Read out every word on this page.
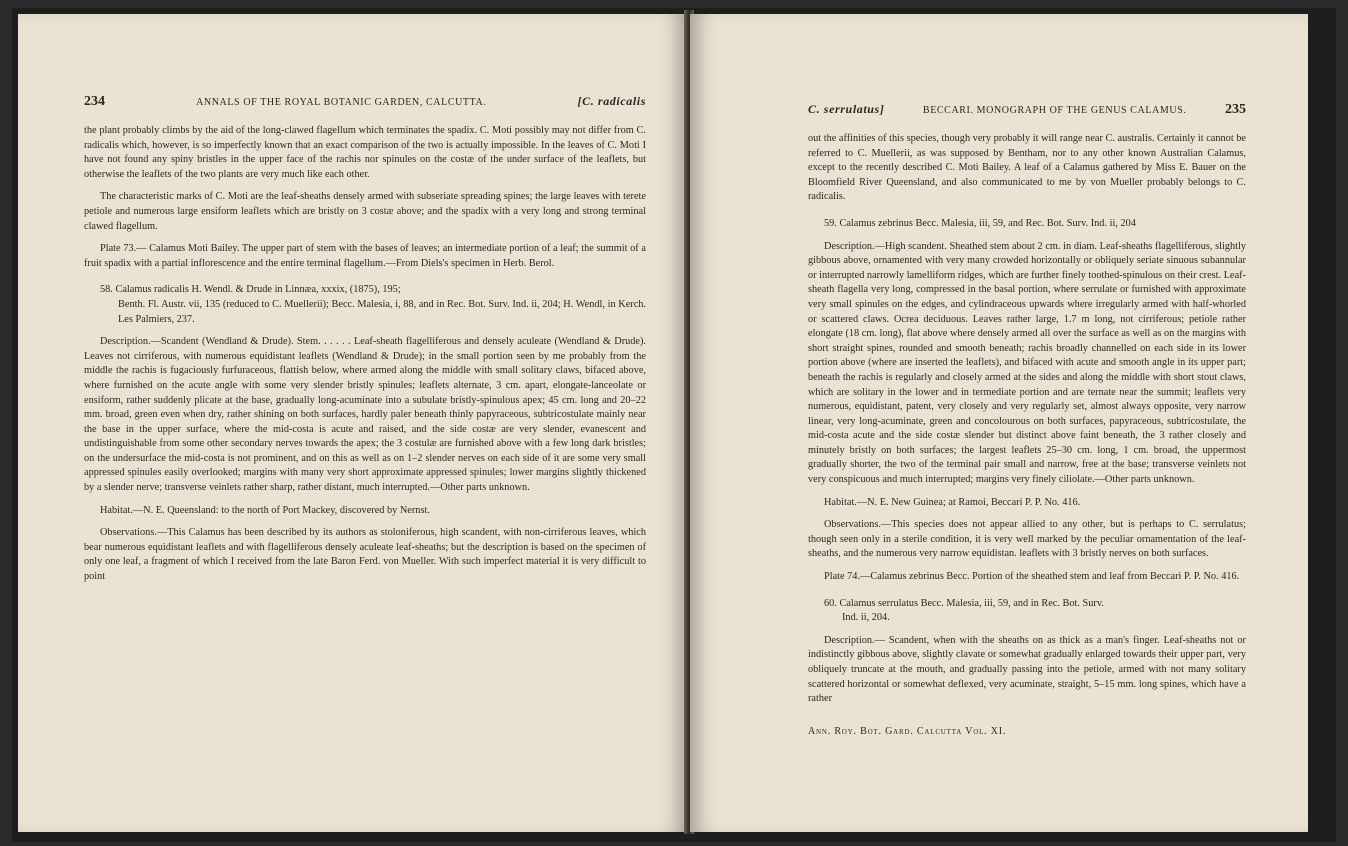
234	ANNALS OF THE ROYAL BOTANIC GARDEN, CALCUTTA.	[C. radicalis

the plant probably climbs by the aid of the long-clawed flagellum which terminates the spadix. C. Moti possibly may not differ from C. radicalis which, however, is so imperfectly known that an exact comparison of the two is actually impossible. In the leaves of C. Moti I have not found any spiny bristles in the upper face of the rachis nor spinules on the costæ of the under surface of the leaflets, but otherwise the leaflets of the two plants are very much like each other.

The characteristic marks of C. Moti are the leaf-sheaths densely armed with subseriate spreading spines; the large leaves with terete petiole and numerous large ensiform leaflets which are bristly on 3 costæ above; and the spadix with a very long and strong terminal clawed flagellum.

Plate 73.— Calamus Moti Bailey. The upper part of stem with the bases of leaves; an intermediate portion of a leaf; the summit of a fruit spadix with a partial inflorescence and the entire terminal flagellum.—From Diels's specimen in Herb. Berol.

58. Calamus radicalis H. Wendl. & Drude in Linnæa, xxxix, (1875), 195;
Benth. Fl. Austr. vii, 135 (reduced to C. Muellerii); Becc. Malesia, i, 88, and in Rec. Bot. Surv. Ind. ii, 204; H. Wendl, in Kerch. Les Palmiers, 237.

Description.—Scandent (Wendland & Drude). Stem. . . . . . Leaf-sheath flagelliferous and densely aculeate (Wendland & Drude). Leaves not cirriferous, with numerous equidistant leaflets (Wendland & Drude); in the small portion seen by me probably from the middle the rachis is fugaciously furfuraceous, flattish below, where armed along the middle with small solitary claws, bifaced above, where furnished on the acute angle with some very slender bristly spinules; leaflets alternate, 3 cm. apart, elongate-lanceolate or ensiform, rather suddenly plicate at the base, gradually long-acuminate into a subulate bristly-spinulous apex; 45 cm. long and 20–22 mm. broad, green even when dry, rather shining on both surfaces, hardly paler beneath thinly papyraceous, subtricostulate mainly near the base in the upper surface, where the mid-costa is acute and raised, and the side costæ are very slender, evanescent and undistinguishable from some other secondary nerves towards the apex; the 3 costulæ are furnished above with a few long dark bristles; on the undersurface the mid-costa is not prominent, and on this as well as on 1–2 slender nerves on each side of it are some very small appressed spinules easily overlooked; margins with many very short approximate appressed spinules; lower margins slightly thickened by a slender nerve; transverse veinlets rather sharp, rather distant, much interrupted.—Other parts unknown.

Habitat.—N. E. Queensland: to the north of Port Mackey, discovered by Nernst.

Observations.—This Calamus has been described by its authors as stoloniferous, high scandent, with non-cirriferous leaves, which bear numerous equidistant leaflets and with flagelliferous densely aculeate leaf-sheaths; but the description is based on the specimen of only one leaf, a fragment of which I received from the late Baron Ferd. von Mueller. With such imperfect material it is very difficult to point

C. serrulatus]	BECCARI. MONOGRAPH OF THE GENUS CALAMUS.	235

out the affinities of this species, though very probably it will range near C. australis. Certainly it cannot be referred to C. Muellerii, as was supposed by Bentham, nor to any other known Australian Calamus, except to the recently described C. Moti Bailey. A leaf of a Calamus gathered by Miss E. Bauer on the Bloomfield River Queensland, and also communicated to me by von Mueller probably belongs to C. radicalis.

59. Calamus zebrinus Becc. Malesia, iii, 59, and Rec. Bot. Surv. Ind. ii, 204

Description.—High scandent. Sheathed stem about 2 cm. in diam. Leaf-sheaths flagelliferous, slightly gibbous above, ornamented with very many crowded horizontally or obliquely seriate sinuous subannular or interrupted narrowly lamelliform ridges, which are further finely toothed-spinulous on their crest. Leaf-sheath flagella very long, compressed in the basal portion, where serrulate or furnished with approximate very small spinules on the edges, and cylindraceous upwards where irregularly armed with half-whorled or scattered claws. Ocrea deciduous. Leaves rather large, 1.7 m long, not cirriferous; petiole rather elongate (18 cm. long), flat above where densely armed all over the surface as well as on the margins with short straight spines, rounded and smooth beneath; rachis broadly channelled on each side in its lower portion above (where are inserted the leaflets), and bifaced with acute and smooth angle in its upper part; beneath the rachis is regularly and closely armed at the sides and along the middle with short stout claws, which are solitary in the lower and in termediate portion and are ternate near the summit; leaflets very numerous, equidistant, patent, very closely and very regularly set, almost always opposite, very narrow linear, very long-acuminate, green and concolourous on both surfaces, papyraceous, subtricostulate, the mid-costa acute and the side costæ slender but distinct above faint beneath, the 3 rather closely and minutely bristly on both surfaces; the largest leaflets 25–30 cm. long, 1 cm. broad, the uppermost gradually shorter, the two of the terminal pair small and narrow, free at the base; transverse veinlets not very conspicuous and much interrupted; margins very finely ciliolate.—Other parts unknown.

Habitat.—N. E. New Guinea; at Ramoi, Beccari P. P. No. 416.

Observations.—This species does not appear allied to any other, but is perhaps to C. serrulatus; though seen only in a sterile condition, it is very well marked by the peculiar ornamentation of the leaf-sheaths, and the numerous very narrow equidistan. leaflets with 3 bristly nerves on both surfaces.

Plate 74.—Calamus zebrinus Becc. Portion of the sheathed stem and leaf from Beccari P. P. No. 416.

60. Calamus serrulatus Becc. Malesia, iii, 59, and in Rec. Bot. Surv.
Ind. ii, 204.

Description.— Scandent, when with the sheaths on as thick as a man's finger. Leaf-sheaths not or indistinctly gibbous above, slightly clavate or somewhat gradually enlarged towards their upper part, very obliquely truncate at the mouth, and gradually passing into the petiole, armed with not many solitary scattered horizontal or somewhat deflexed, very acuminate, straight, 5–15 mm. long spines, which have a rather

Ann. Roy. Bot. Gard. Calcutta Vol. XI.
